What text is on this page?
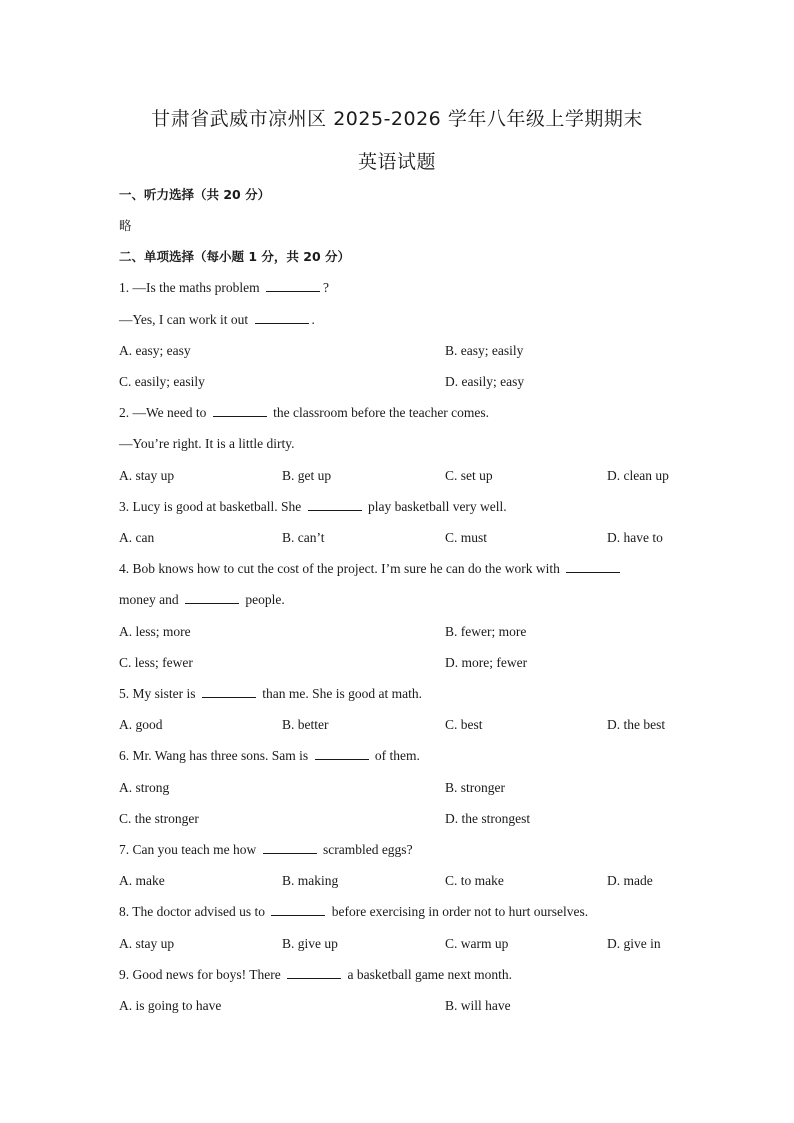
甘肃省武威市凉州区 2025-2026 学年八年级上学期期末
英语试题
一、听力选择（共 20 分）
略
二、单项选择（每小题 1 分，共 20 分）
1. —Is the maths problem	?
—Yes, I can work it out	.
A. easy; easy	B. easy; easily
C. easily; easily	D. easily; easy
2. —We need to	the classroom before the teacher comes.
—You’re right. It is a little dirty.
A. stay up	B. get up	C. set up	D. clean up
3. Lucy is good at basketball. She	play basketball very well.
A. can	B. can’t	C. must	D. have to
4. Bob knows how to cut the cost of the project. I’m sure he can do the work with
money and	people.
A. less; more	B. fewer; more
C. less; fewer	D. more; fewer
5. My sister is	than me. She is good at math.
A. good	B. better	C. best	D. the best
6. Mr. Wang has three sons. Sam is	of them.
A. strong	B. stronger
C. the stronger	D. the strongest
7. Can you teach me how	scrambled eggs?
A. make	B. making	C. to make	D. made
8. The doctor advised us to	before exercising in order not to hurt ourselves.
A. stay up	B. give up	C. warm up	D. give in
9. Good news for boys! There	a basketball game next month.
A. is going to have	B. will have
